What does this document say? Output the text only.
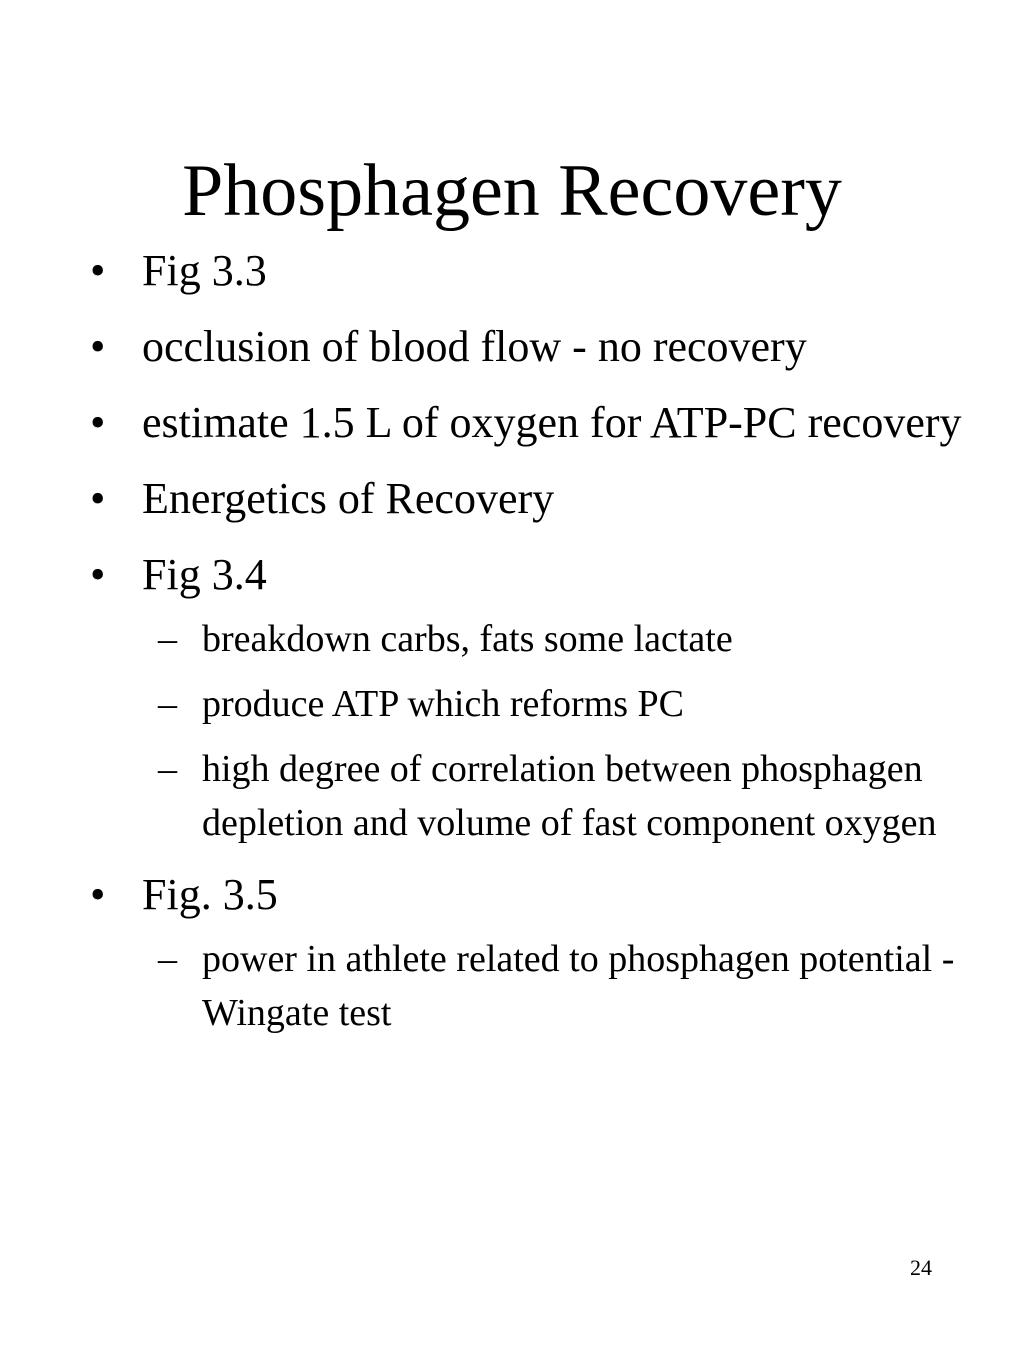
Phosphagen Recovery
• Fig 3.3
• occlusion of blood flow - no recovery
• estimate 1.5 L of oxygen for ATP-PC recovery
• Energetics of Recovery
• Fig 3.4
– breakdown carbs, fats some lactate
– produce ATP which reforms PC
– high degree of correlation between phosphagen depletion and volume of fast component oxygen
• Fig. 3.5
– power in athlete related to phosphagen potential - Wingate test
24
